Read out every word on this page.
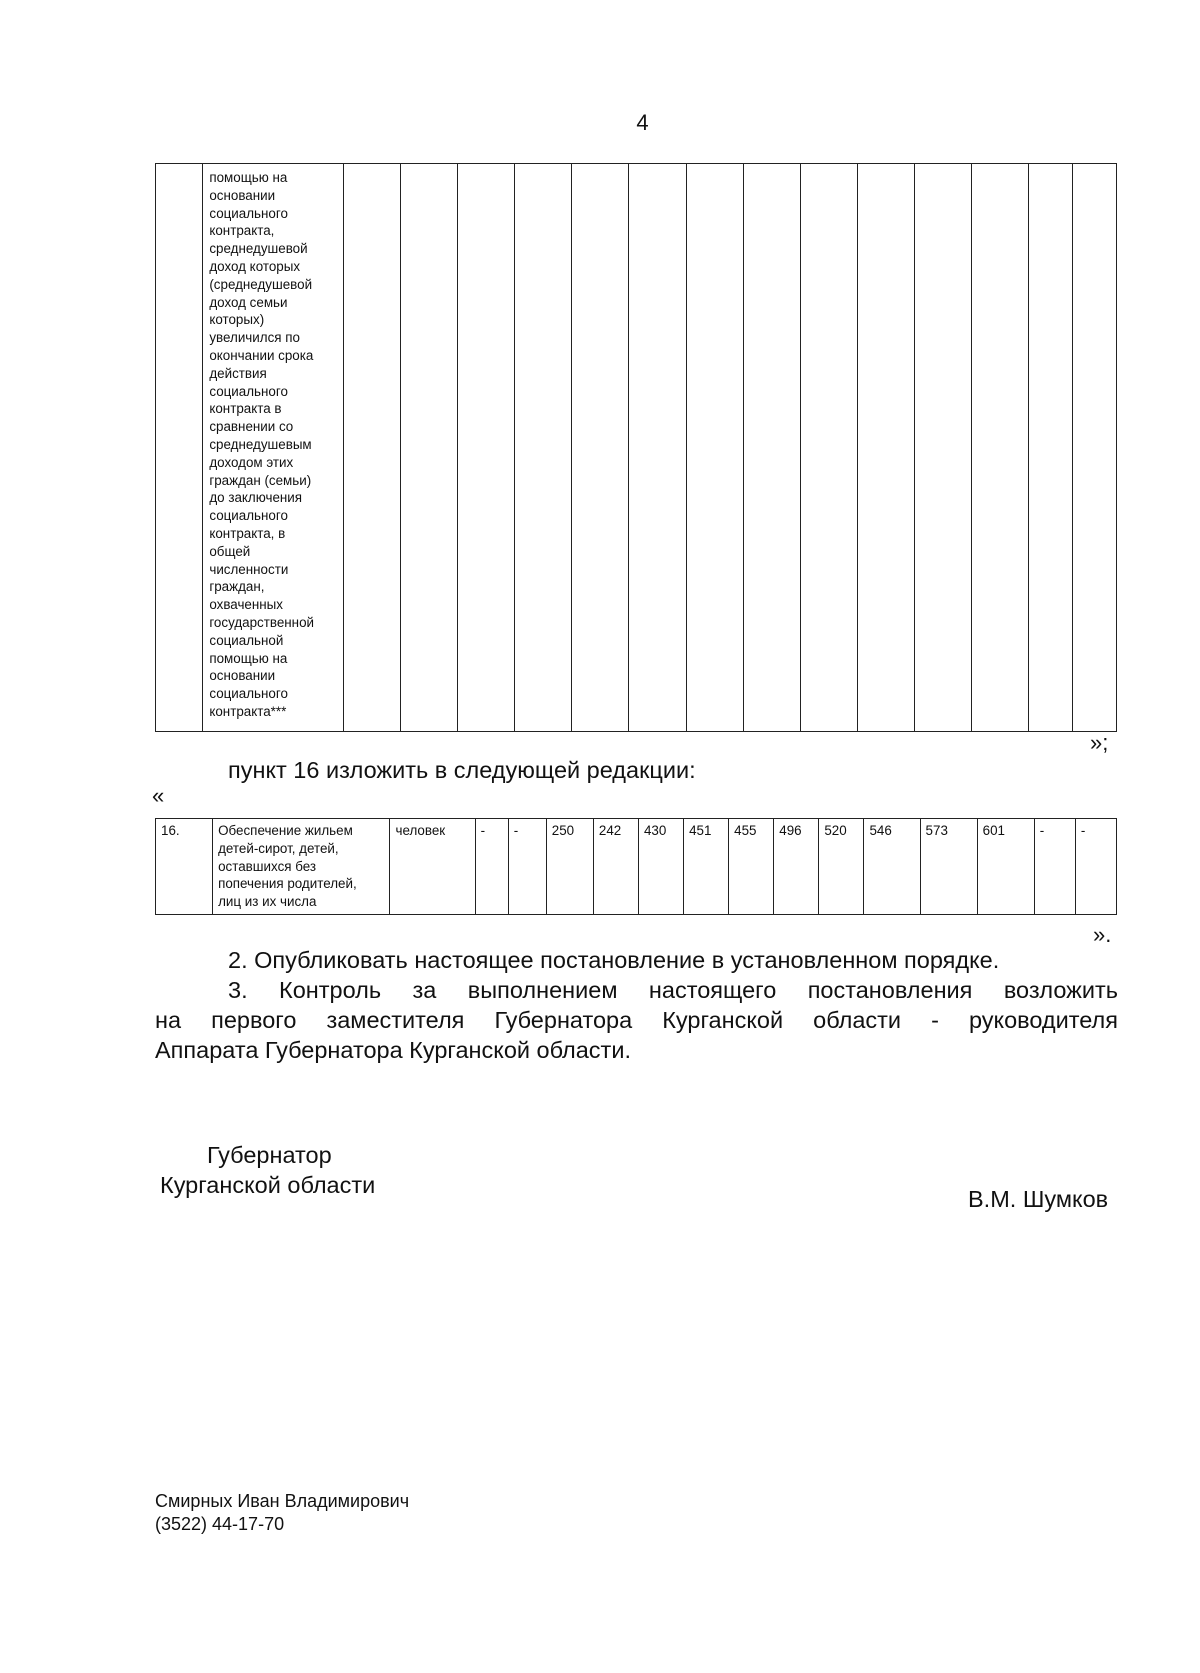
4
	помощью на
основании
социального
контракта,
среднедушевой
доход которых
(среднедушевой
доход семьи
которых)
увеличился по
окончании срока
действия
социального
контракта в
сравнении со
среднедушевым
доходом этих
граждан (семьи)
до заключения
социального
контракта, в
общей
численности
граждан,
охваченных
государственной
социальной
помощью на
основании
социального
контракта***														
»;
пункт 16 изложить в следующей редакции:
«
16.	Обеспечение жильем
детей-сирот, детей,
оставшихся без
попечения родителей,
лиц из их числа	человек	-	-	250	242	430	451	455	496	520	546	573	601	-	-
».
2. Опубликовать настоящее постановление в установленном порядке.
3. Контроль за выполнением настоящего постановления возложить
на первого заместителя Губернатора Курганской области - руководителя
Аппарата Губернатора Курганской области.
Губернатор
Курганской области
В.М. Шумков
Смирных Иван Владимирович
(3522) 44-17-70
